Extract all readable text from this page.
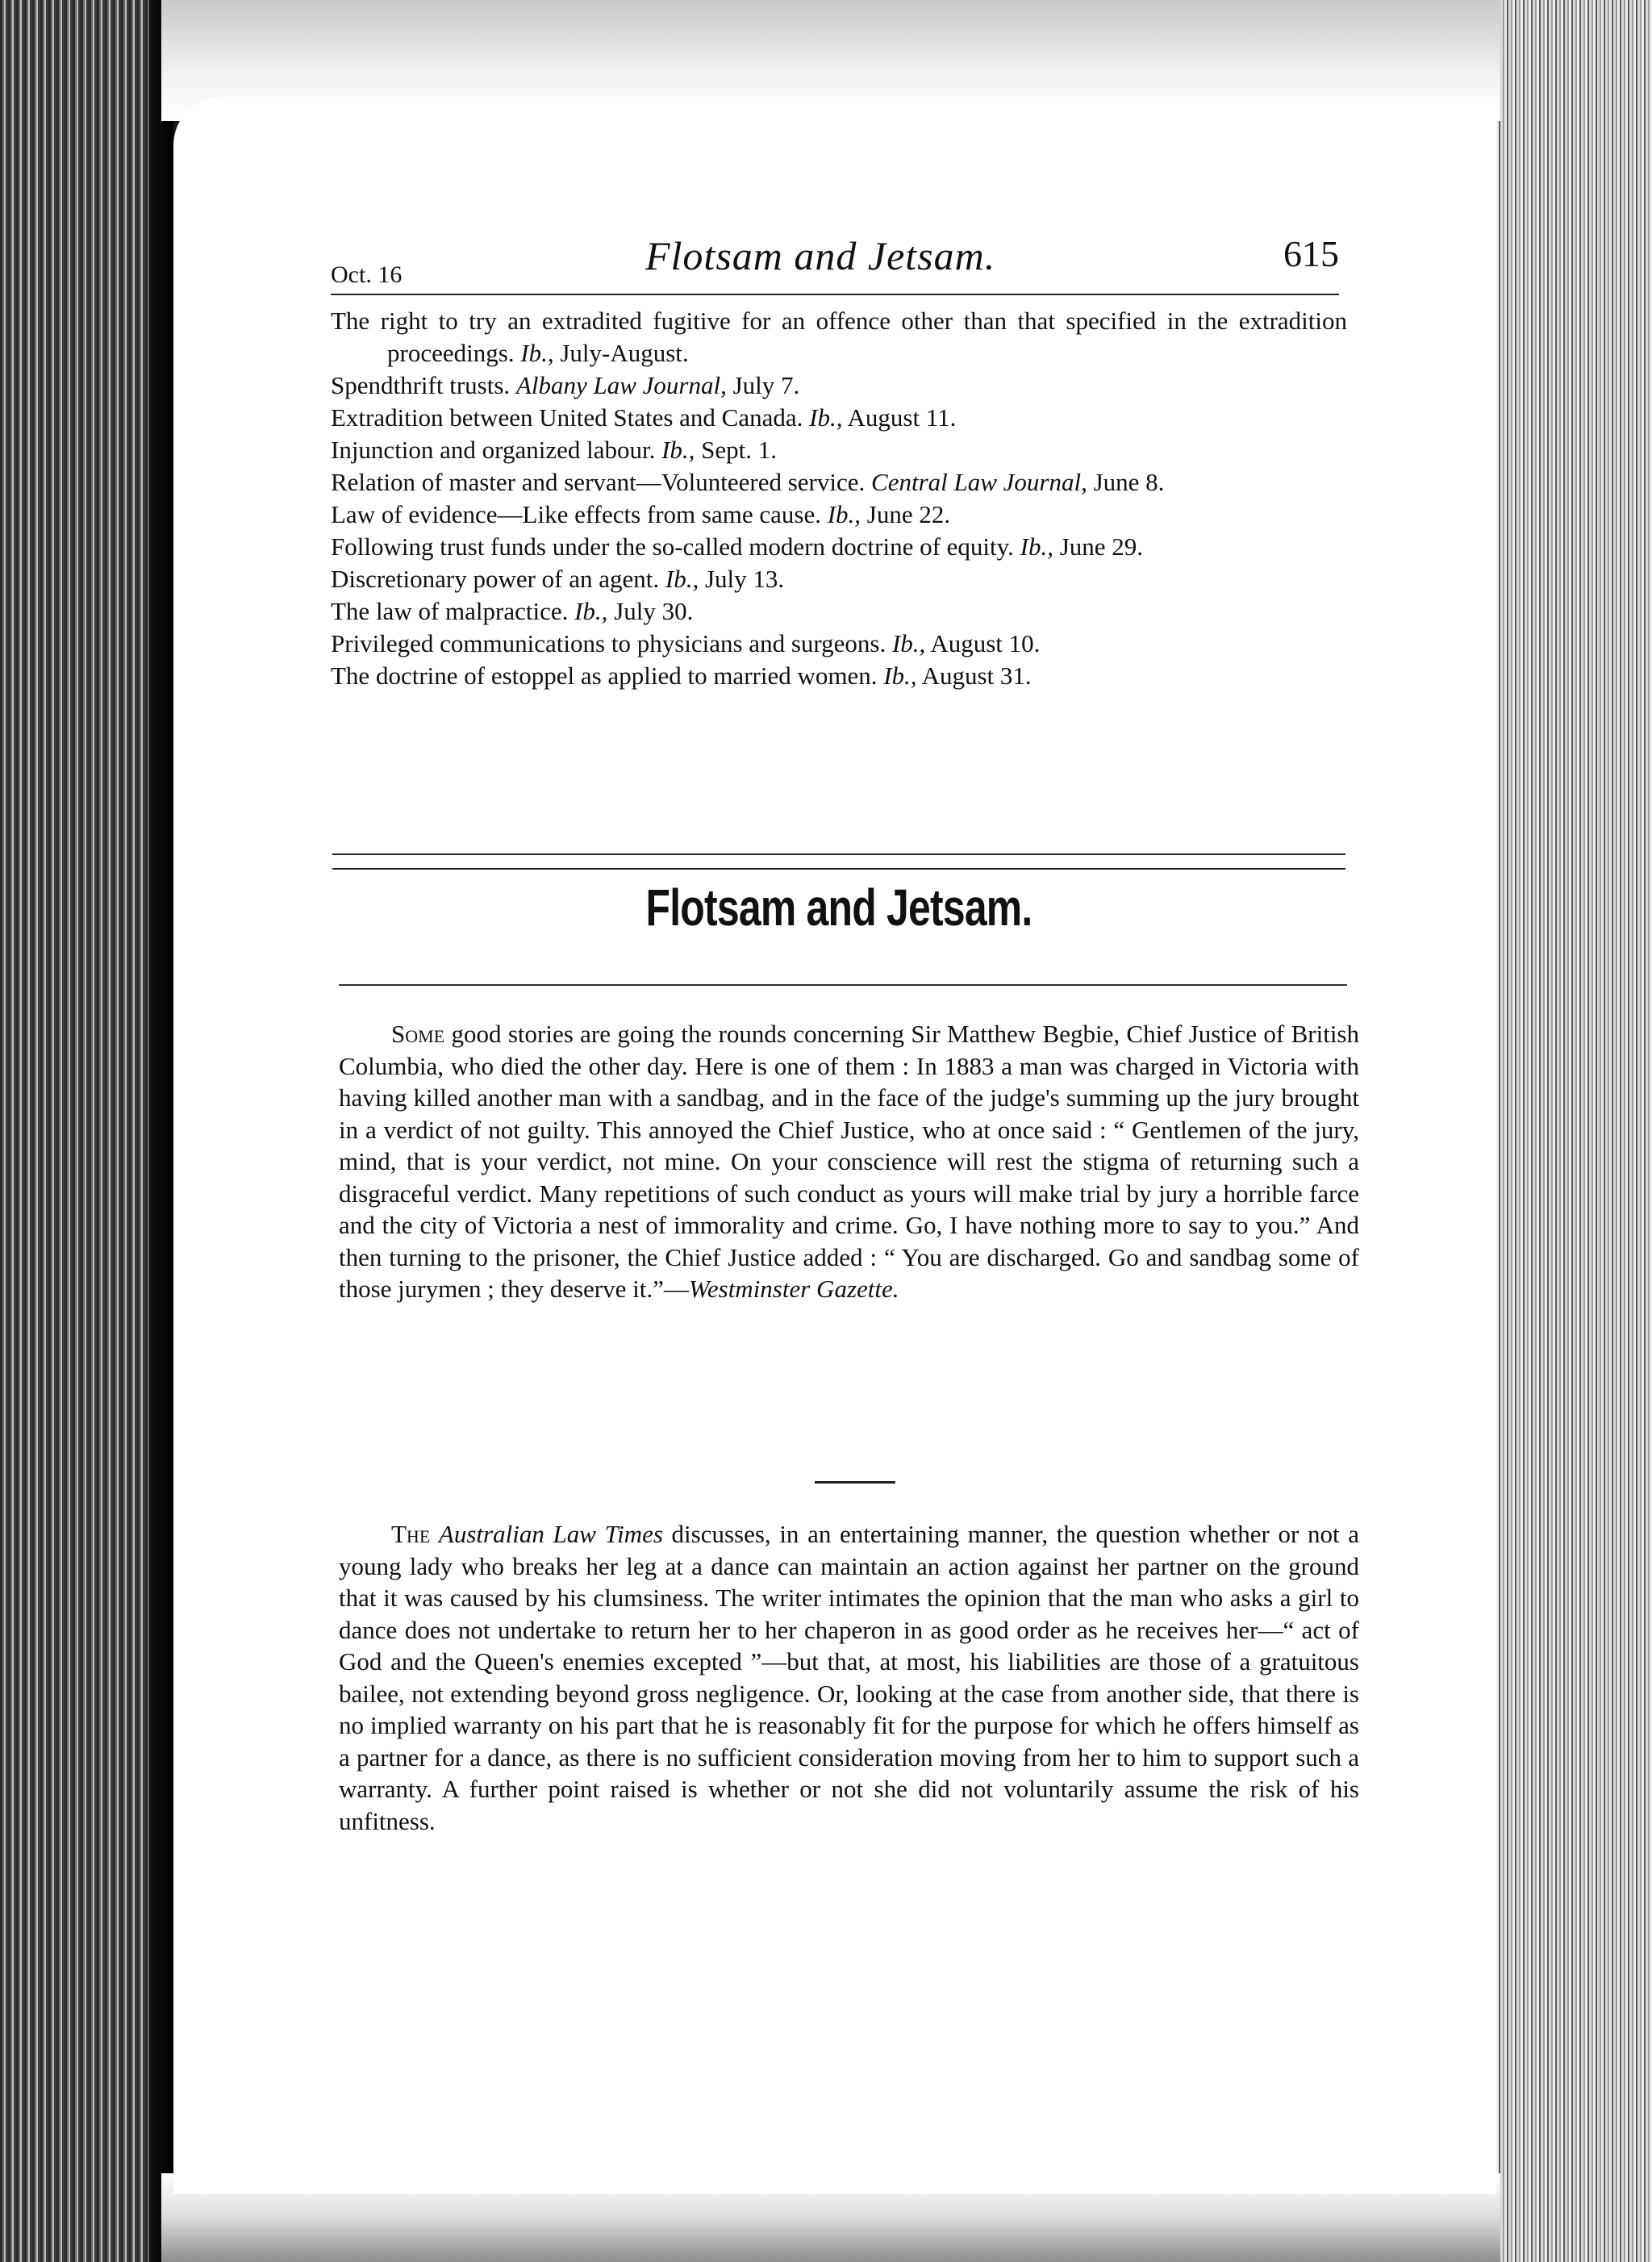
Oct. 16	Flotsam and Jetsam.	615

The right to try an extradited fugitive for an offence other than that specified in the extradition proceedings. Ib., July-August.

Spendthrift trusts. Albany Law Journal, July 7.

Extradition between United States and Canada. Ib., August 11.

Injunction and organized labour. Ib., Sept. 1.

Relation of master and servant—Volunteered service. Central Law Journal, June 8.

Law of evidence—Like effects from same cause. Ib., June 22.

Following trust funds under the so-called modern doctrine of equity. Ib., June 29.

Discretionary power of an agent. Ib., July 13.

The law of malpractice. Ib., July 30.

Privileged communications to physicians and surgeons. Ib., August 10.

The doctrine of estoppel as applied to married women. Ib., August 31.

Flotsam and Jetsam.

Some good stories are going the rounds concerning Sir Matthew Begbie, Chief Justice of British Columbia, who died the other day. Here is one of them : In 1883 a man was charged in Victoria with having killed another man with a sandbag, and in the face of the judge's summing up the jury brought in a verdict of not guilty. This annoyed the Chief Justice, who at once said : “ Gentlemen of the jury, mind, that is your verdict, not mine. On your conscience will rest the stigma of returning such a disgraceful verdict. Many repetitions of such conduct as yours will make trial by jury a horrible farce and the city of Victoria a nest of immorality and crime. Go, I have nothing more to say to you.” And then turning to the prisoner, the Chief Justice added : “ You are discharged. Go and sandbag some of those jurymen ; they deserve it.”—Westminster Gazette.

The Australian Law Times discusses, in an entertaining manner, the question whether or not a young lady who breaks her leg at a dance can maintain an action against her partner on the ground that it was caused by his clumsiness. The writer intimates the opinion that the man who asks a girl to dance does not undertake to return her to her chaperon in as good order as he receives her—“ act of God and the Queen's enemies excepted ”—but that, at most, his liabilities are those of a gratuitous bailee, not extending beyond gross negligence. Or, looking at the case from another side, that there is no implied warranty on his part that he is reasonably fit for the purpose for which he offers himself as a partner for a dance, as there is no sufficient consideration moving from her to him to support such a warranty. A further point raised is whether or not she did not voluntarily assume the risk of his unfitness.
